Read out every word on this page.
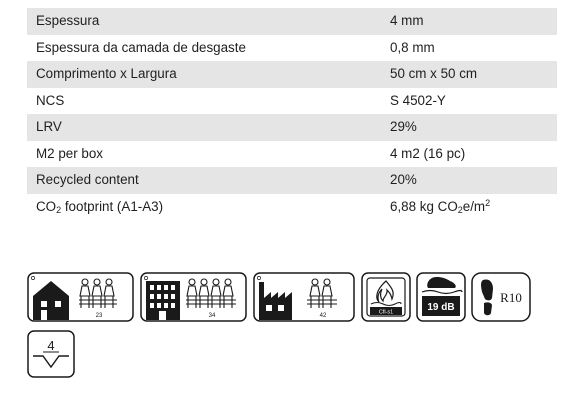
Espessura	4 mm
Espessura da camada de desgaste	0,8 mm
Comprimento x Largura	50 cm x 50 cm
NCS	S 4502-Y
LRV	29%
M2 per box	4 m2 (16 pc)
Recycled content	20%
$CO_2$ footprint (A1-A3)	6,88 kg $CO_2e/m^2$
23	34	42
Cfl-s1	19 dB
R10
4
